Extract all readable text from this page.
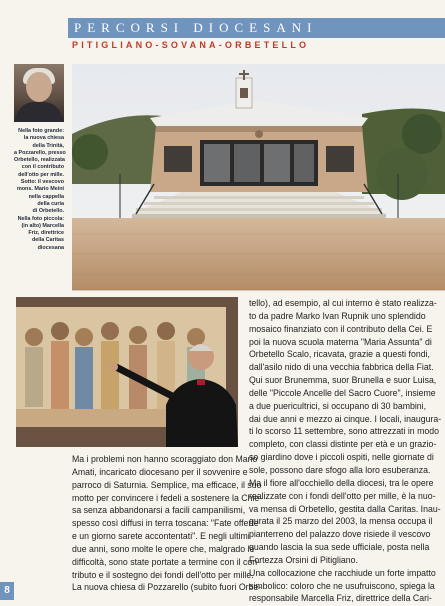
PERCORSI DIOCESANI
PITIGLIANO-SOVANA-ORBETELLO
Nella foto grande:
la nuova chiesa
della Trinità,
a Pozzarello, presso
Orbetello, realizzata
con il contributo
dell'otto per mille.
Sotto: il vescovo
mons. Mario Meini
nella cappella
della curia
di Orbetello.
Nella foto piccola:
(in alto) Marcella
Friz, direttrice
della Caritas
diocesana
Ma i problemi non hanno scoraggiato don Mario
Amati, incaricato diocesano per il sovvenire e
parroco di Saturnia. Semplice, ma efficace, il suo
motto per convincere i fedeli a sostenere la Chie-
sa senza abbandonarsi a facili campanilismi,
spesso così diffusi in terra toscana: "Fate offerte
e un giorno sarete accontentati". E negli ultimi
due anni, sono molte le opere che, malgrado le
difficoltà, sono state portate a termine con il con-
tributo e il sostegno dei fondi dell'otto per mille.
La nuova chiesa di Pozzarello (subito fuori Orbe-
tello), ad esempio, al cui interno è stato realizza-
to da padre Marko Ivan Rupnik uno splendido
mosaico finanziato con il contributo della Cei. E
poi la nuova scuola materna "Maria Assunta" di
Orbetello Scalo, ricavata, grazie a questi fondi,
dall'asilo nido di una vecchia fabbrica della Fiat.
Qui suor Brunemma, suor Brunella e suor Luisa,
delle "Piccole Ancelle del Sacro Cuore", insieme
a due puericultrici, si occupano di 30 bambini,
dai due anni e mezzo ai cinque. I locali, inaugura-
ti lo scorso 11 settembre, sono attrezzati in modo
completo, con classi distinte per età e un grazio-
so giardino dove i piccoli ospiti, nelle giornate di
sole, possono dare sfogo alla loro esuberanza.
Ma il fiore all'occhiello della diocesi, tra le opere
realizzate con i fondi dell'otto per mille, è la nuo-
va mensa di Orbetello, gestita dalla Caritas. Inau-
gurata il 25 marzo del 2003, la mensa occupa il
pianterreno del palazzo dove risiede il vescovo
quando lascia la sua sede ufficiale, posta nella
Fortezza Orsini di Pitigliano.
Una collocazione che racchiude un forte impatto
simbolico: coloro che ne usufruiscono, spiega la
responsabile Marcella Friz, direttrice della Cari-
8
